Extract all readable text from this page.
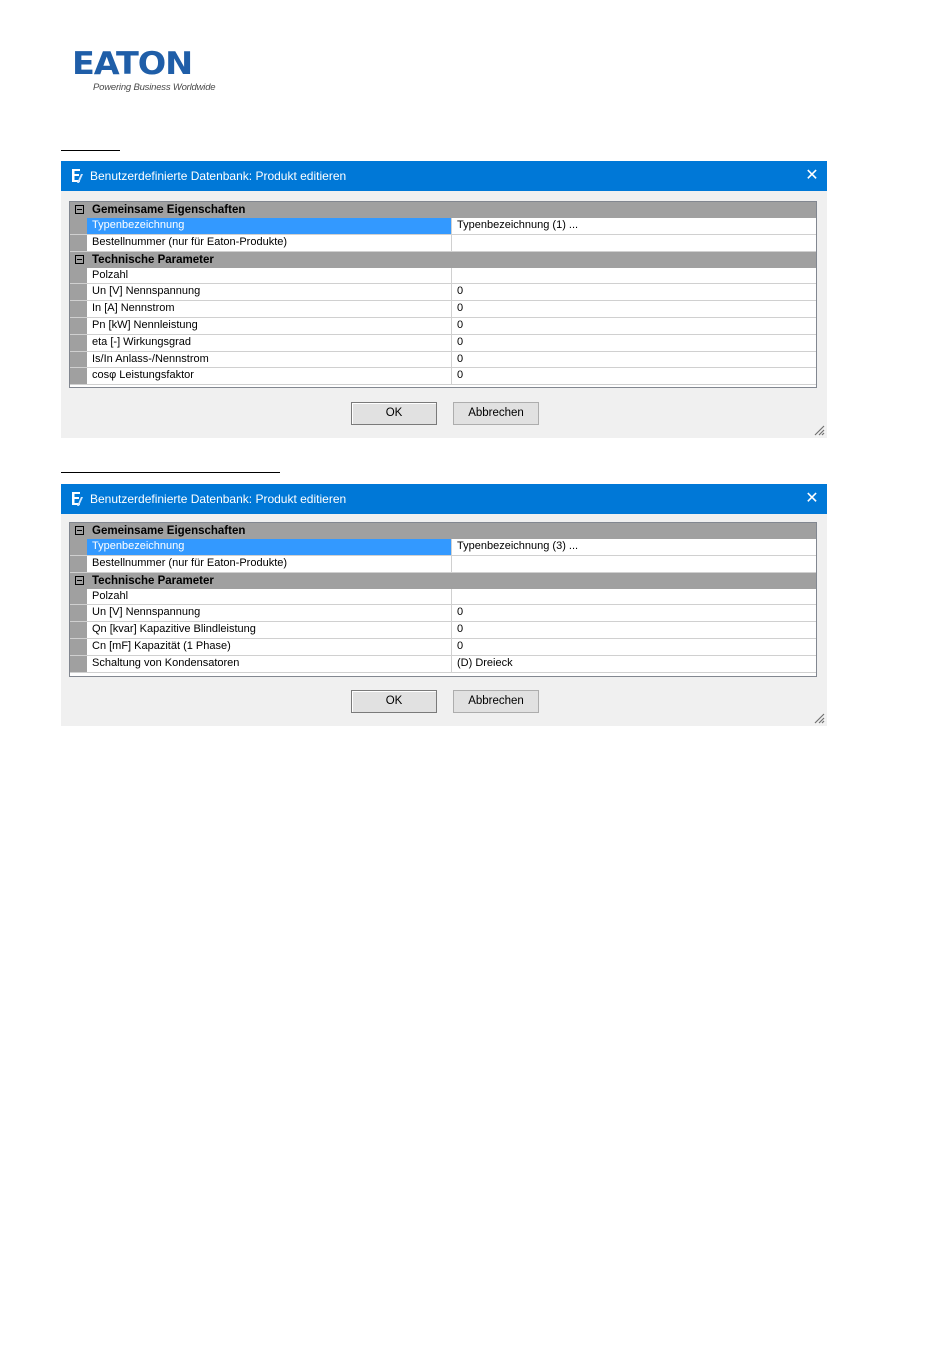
EATON
Powering Business Worldwide
Benutzerdefinierte Datenbank: Produkt editieren	✕
Gemeinsame Eigenschaften
Typenbezeichnung	Typenbezeichnung (1) ...
Bestellnummer (nur für Eaton-Produkte)
Technische Parameter
Polzahl
Un [V] Nennspannung	0
In [A] Nennstrom	0
Pn [kW] Nennleistung	0
eta [-] Wirkungsgrad	0
Is/In Anlass-/Nennstrom	0
cosφ Leistungsfaktor	0
OK	Abbrechen
Benutzerdefinierte Datenbank: Produkt editieren	✕
Gemeinsame Eigenschaften
Typenbezeichnung	Typenbezeichnung (3) ...
Bestellnummer (nur für Eaton-Produkte)
Technische Parameter
Polzahl
Un [V] Nennspannung	0
Qn [kvar] Kapazitive Blindleistung	0
Cn [mF] Kapazität (1 Phase)	0
Schaltung von Kondensatoren	(D) Dreieck
OK	Abbrechen
